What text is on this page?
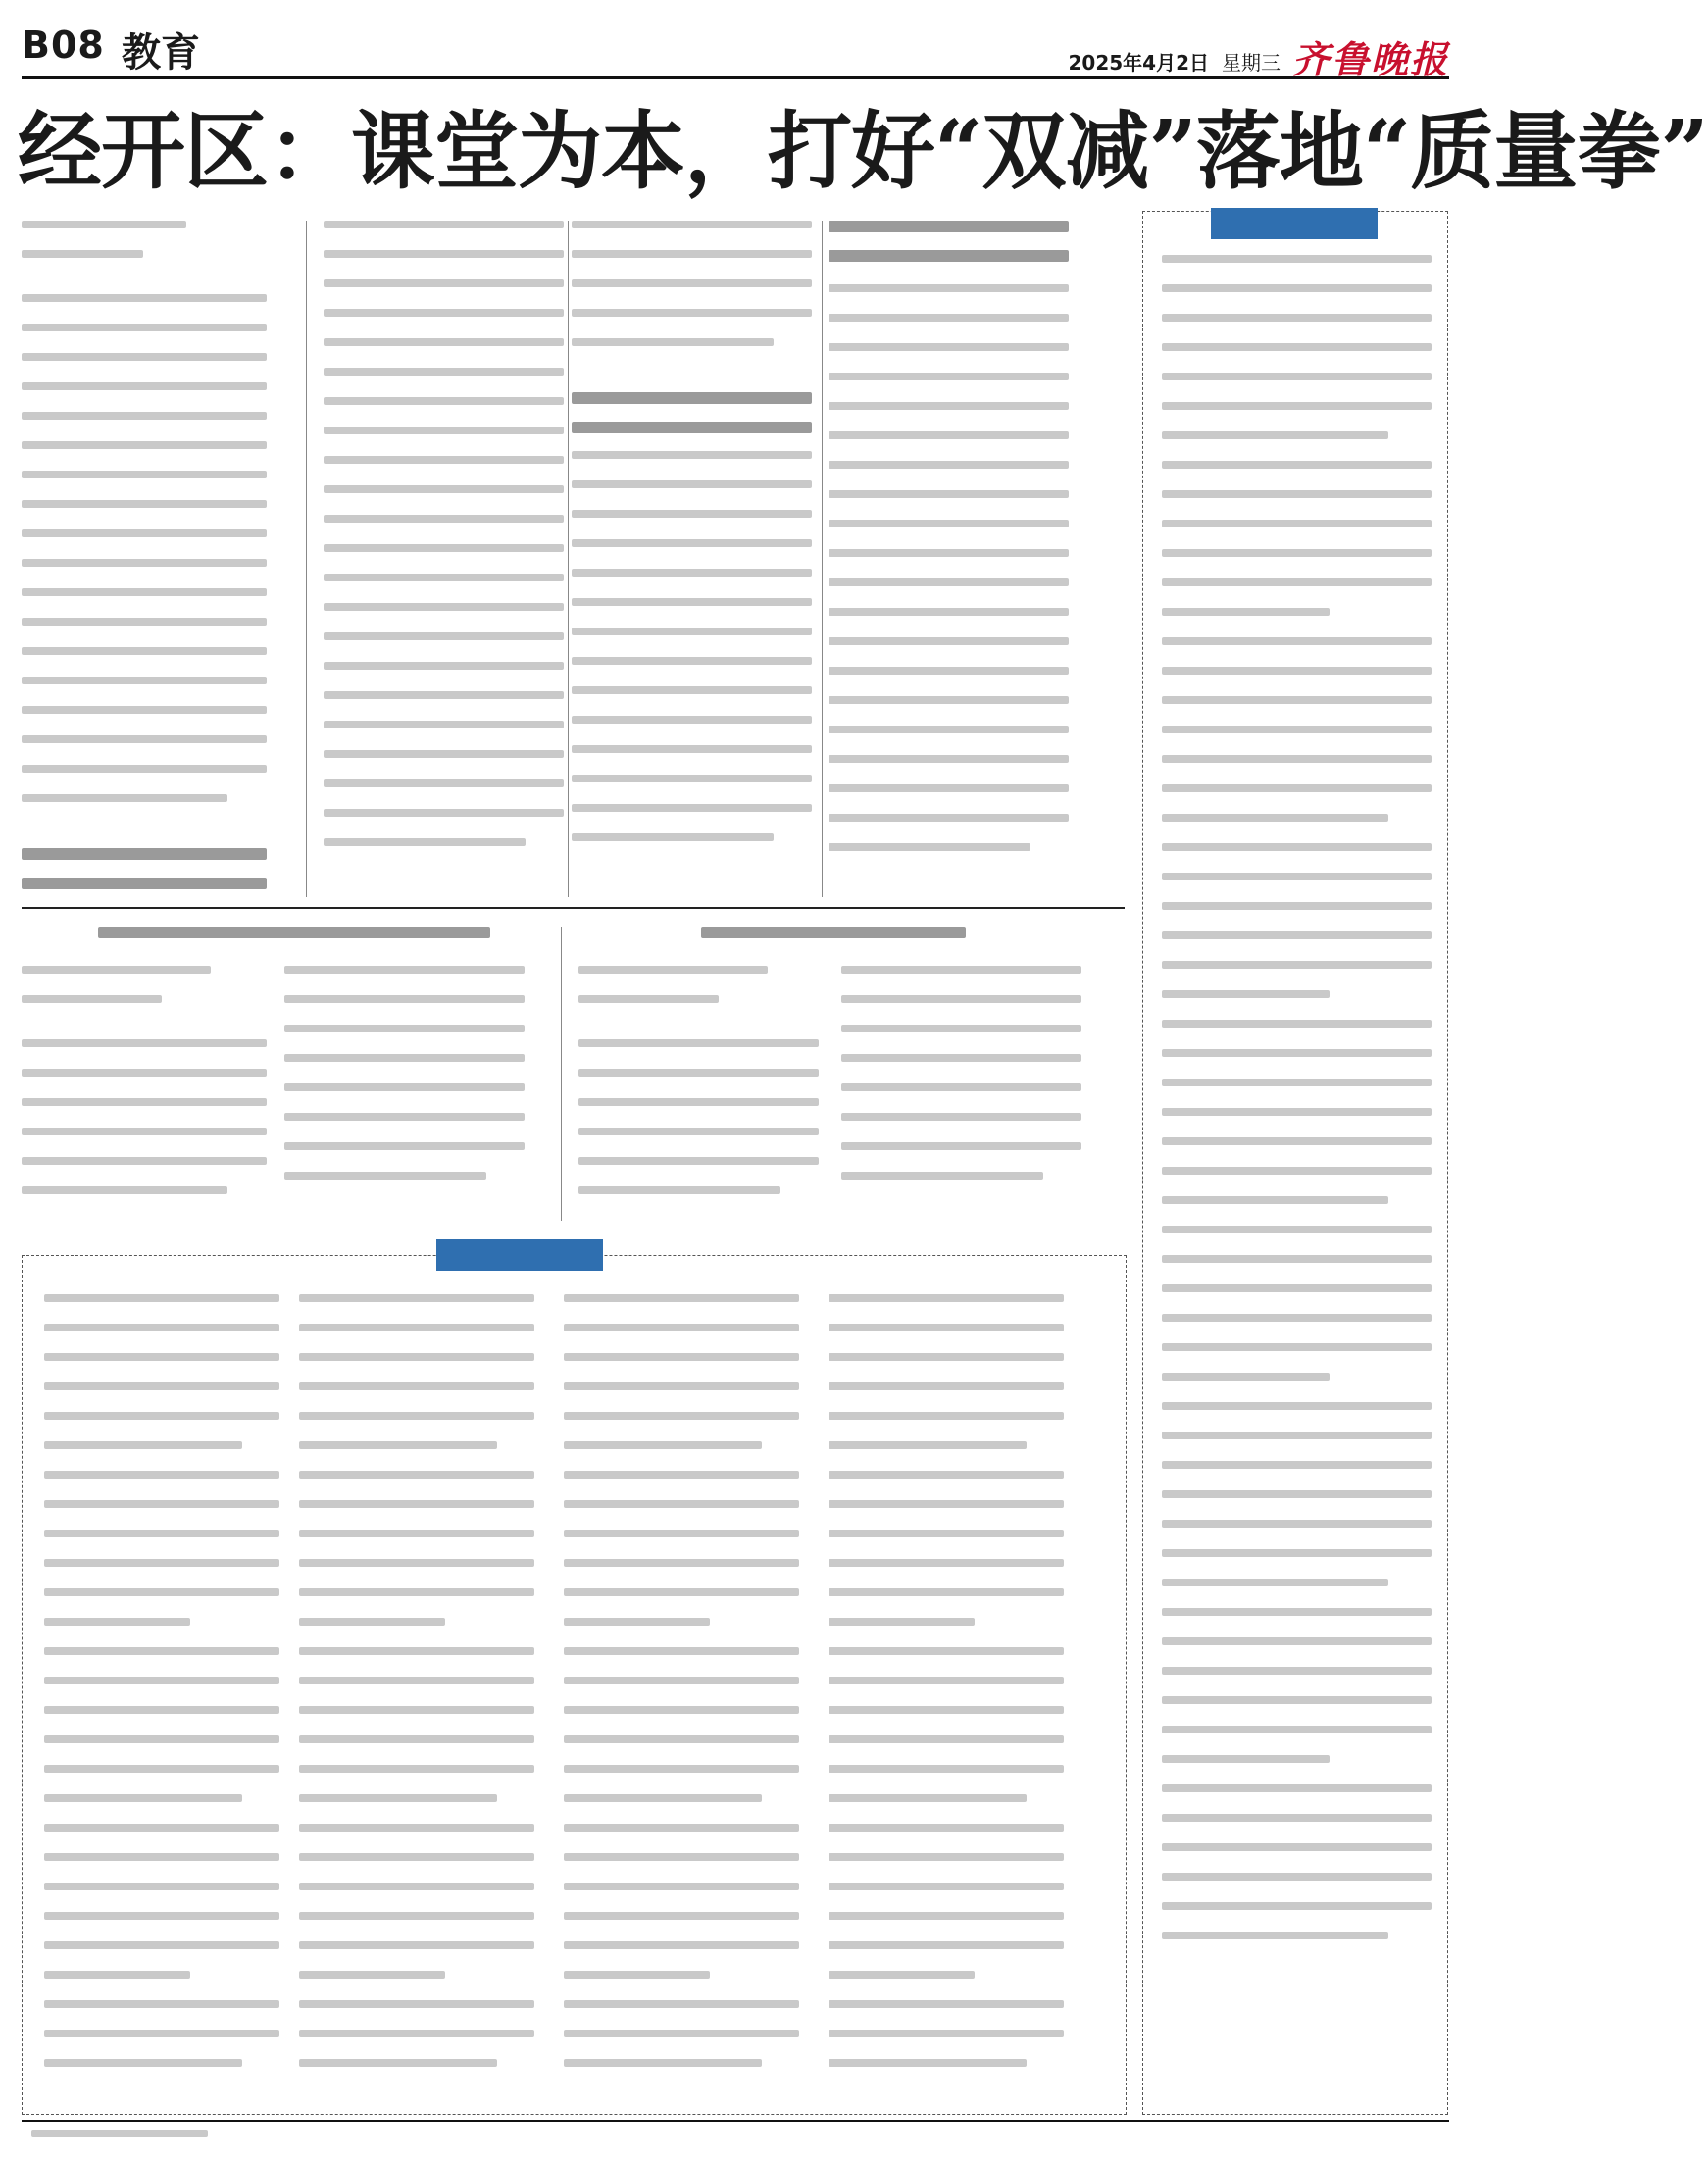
B08 教育	2025年4月2日 星期三 齐鲁晚报
经开区：课堂为本，打好“双减”落地“质量拳”
